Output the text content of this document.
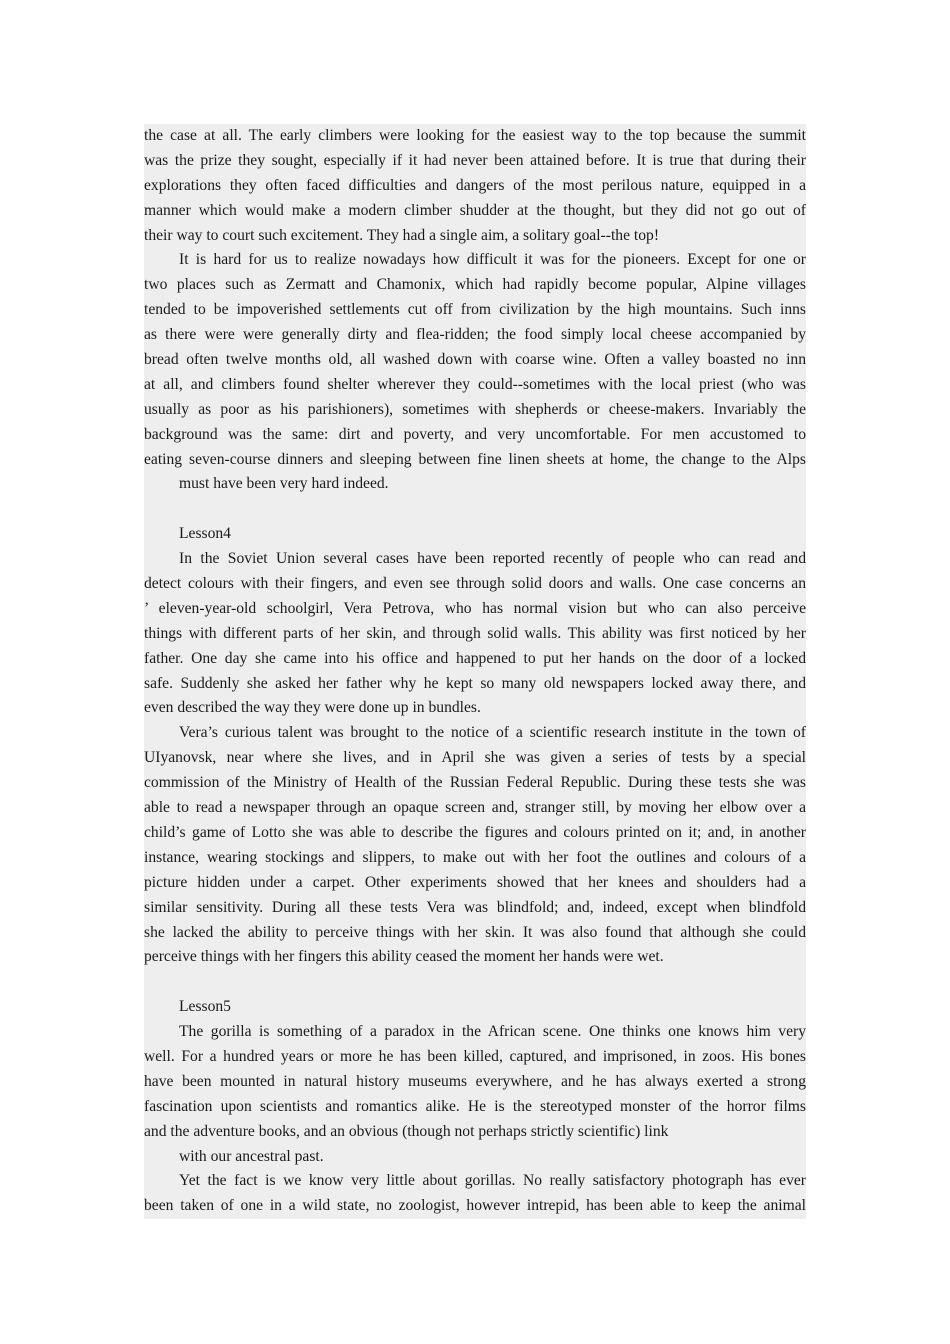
the case at all. The early climbers were looking for the easiest way to the top because the summit
was the prize they sought, especially if it had never been attained before. It is true that during their
explorations they often faced difficulties and dangers of the most perilous nature, equipped in a
manner which would make a modern climber shudder at the thought, but they did not go out of
their way to court such excitement. They had a single aim, a solitary goal--the top!
It is hard for us to realize nowadays how difficult it was for the pioneers. Except for one or
two places such as Zermatt and Chamonix, which had rapidly become popular, Alpine villages
tended to be impoverished settlements cut off from civilization by the high mountains. Such inns
as there were were generally dirty and flea-ridden; the food simply local cheese accompanied by
bread often twelve months old, all washed down with coarse wine. Often a valley boasted no inn
at all, and climbers found shelter wherever they could--sometimes with the local priest (who was
usually as poor as his parishioners), sometimes with shepherds or cheese-makers. Invariably the
background was the same: dirt and poverty, and very uncomfortable. For men accustomed to
eating seven-course dinners and sleeping between fine linen sheets at home, the change to the Alps
must have been very hard indeed.
Lesson4
In the Soviet Union several cases have been reported recently of people who can read and
detect colours with their fingers, and even see through solid doors and walls. One case concerns an
’ eleven-year-old schoolgirl, Vera Petrova, who has normal vision but who can also perceive
things with different parts of her skin, and through solid walls. This ability was first noticed by her
father. One day she came into his office and happened to put her hands on the door of a locked
safe. Suddenly she asked her father why he kept so many old newspapers locked away there, and
even described the way they were done up in bundles.
Vera’s curious talent was brought to the notice of a scientific research institute in the town of
UIyanovsk, near where she lives, and in April she was given a series of tests by a special
commission of the Ministry of Health of the Russian Federal Republic. During these tests she was
able to read a newspaper through an opaque screen and, stranger still, by moving her elbow over a
child’s game of Lotto she was able to describe the figures and colours printed on it; and, in another
instance, wearing stockings and slippers, to make out with her foot the outlines and colours of a
picture hidden under a carpet. Other experiments showed that her knees and shoulders had a
similar sensitivity. During all these tests Vera was blindfold; and, indeed, except when blindfold
she lacked the ability to perceive things with her skin. It was also found that although she could
perceive things with her fingers this ability ceased the moment her hands were wet.
Lesson5
The gorilla is something of a paradox in the African scene. One thinks one knows him very
well. For a hundred years or more he has been killed, captured, and imprisoned, in zoos. His bones
have been mounted in natural history museums everywhere, and he has always exerted a strong
fascination upon scientists and romantics alike. He is the stereotyped monster of the horror films
and the adventure books, and an obvious (though not perhaps strictly scientific) link
with our ancestral past.
Yet the fact is we know very little about gorillas. No really satisfactory photograph has ever
been taken of one in a wild state, no zoologist, however intrepid, has been able to keep the animal
